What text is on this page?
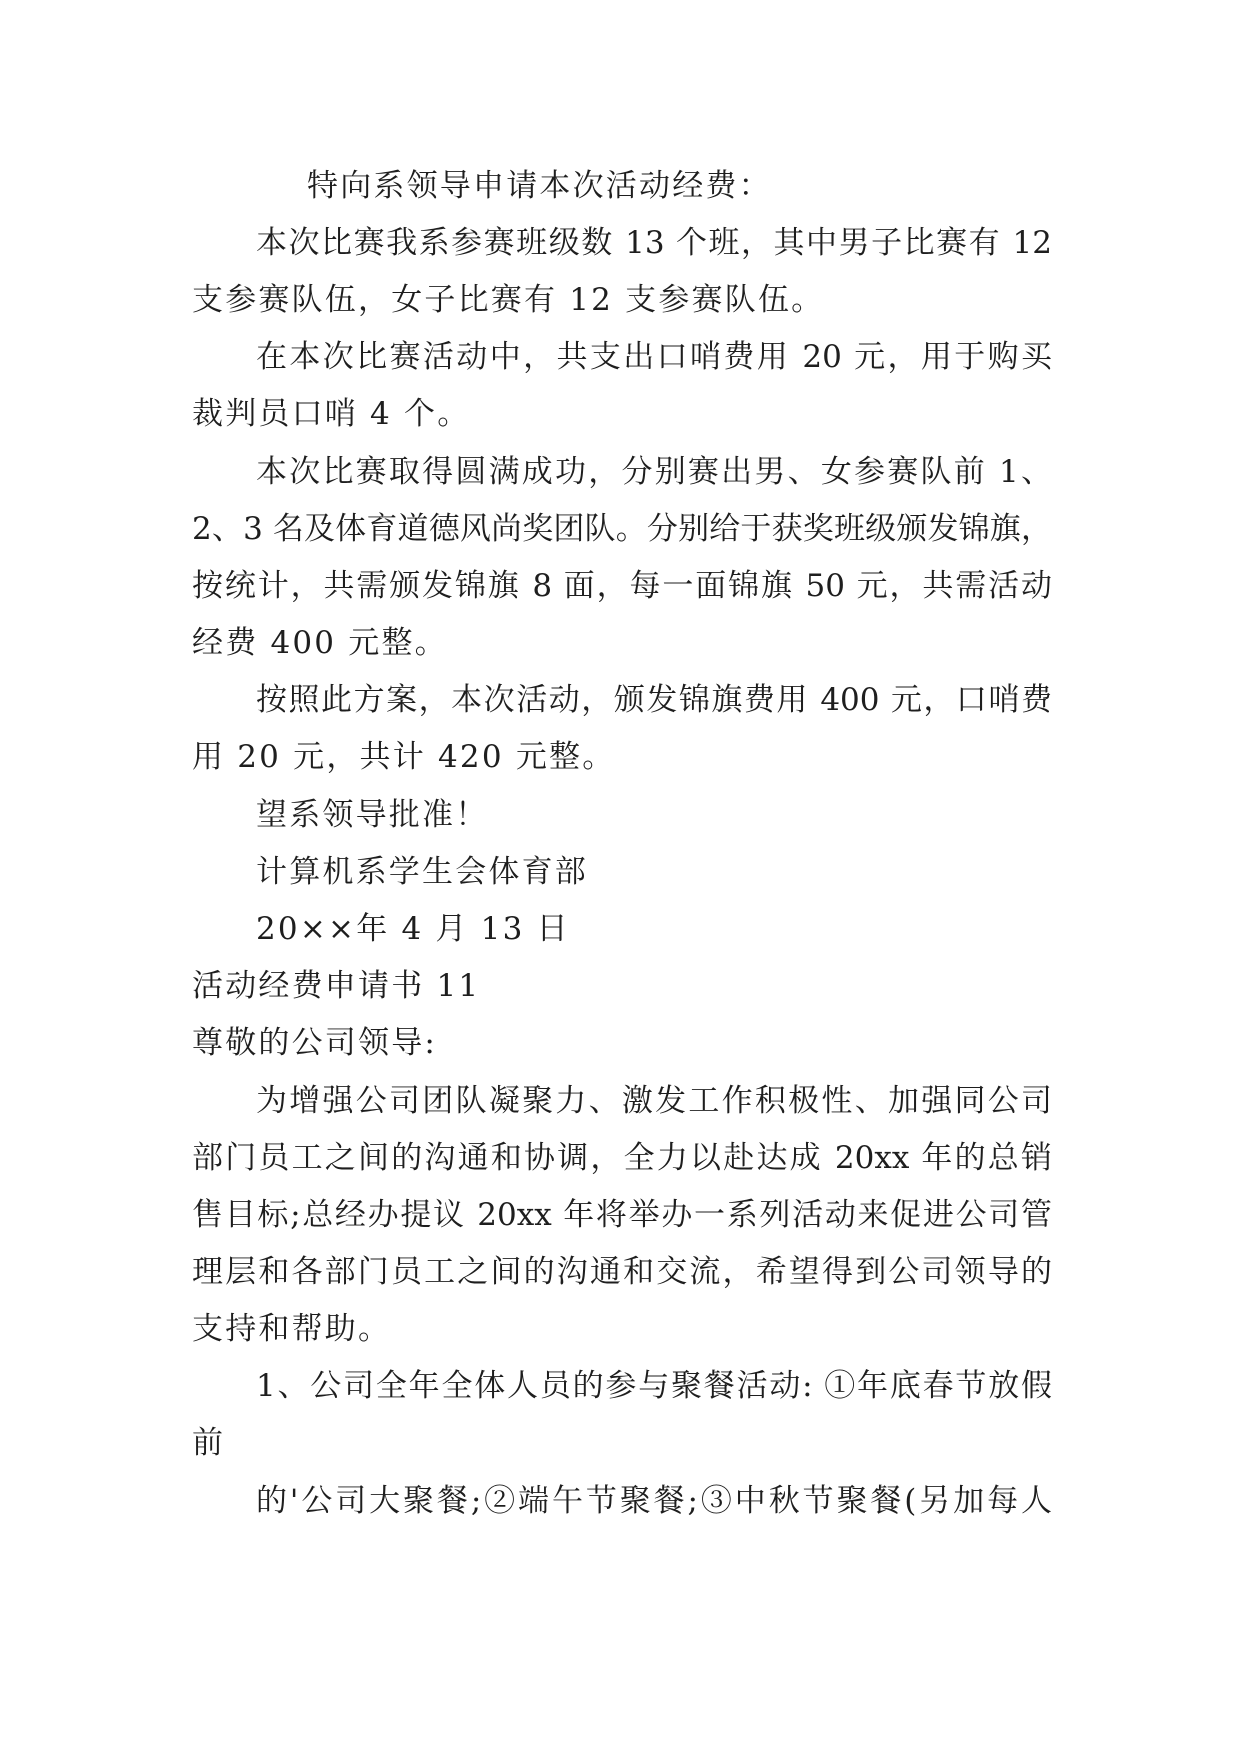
特向系领导申请本次活动经费：
本次比赛我系参赛班级数 13 个班，其中男子比赛有 12
支参赛队伍，女子比赛有 12 支参赛队伍。
在本次比赛活动中，共支出口哨费用 20 元，用于购买
裁判员口哨 4 个。
本次比赛取得圆满成功，分别赛出男、女参赛队前 1、
2、3 名及体育道德风尚奖团队。分别给于获奖班级颁发锦旗，
按统计，共需颁发锦旗 8 面，每一面锦旗 50 元，共需活动
经费 400 元整。
按照此方案，本次活动，颁发锦旗费用 400 元，口哨费
用 20 元，共计 420 元整。
望系领导批准！
计算机系学生会体育部
20××年 4 月 13 日
活动经费申请书 11
尊敬的公司领导:
为增强公司团队凝聚力、激发工作积极性、加强同公司
部门员工之间的沟通和协调，全力以赴达成 20xx 年的总销
售目标;总经办提议 20xx 年将举办一系列活动来促进公司管
理层和各部门员工之间的沟通和交流，希望得到公司领导的
支持和帮助。
1、公司全年全体人员的参与聚餐活动: ①年底春节放假
前
的'公司大聚餐;②端午节聚餐;③中秋节聚餐(另加每人
